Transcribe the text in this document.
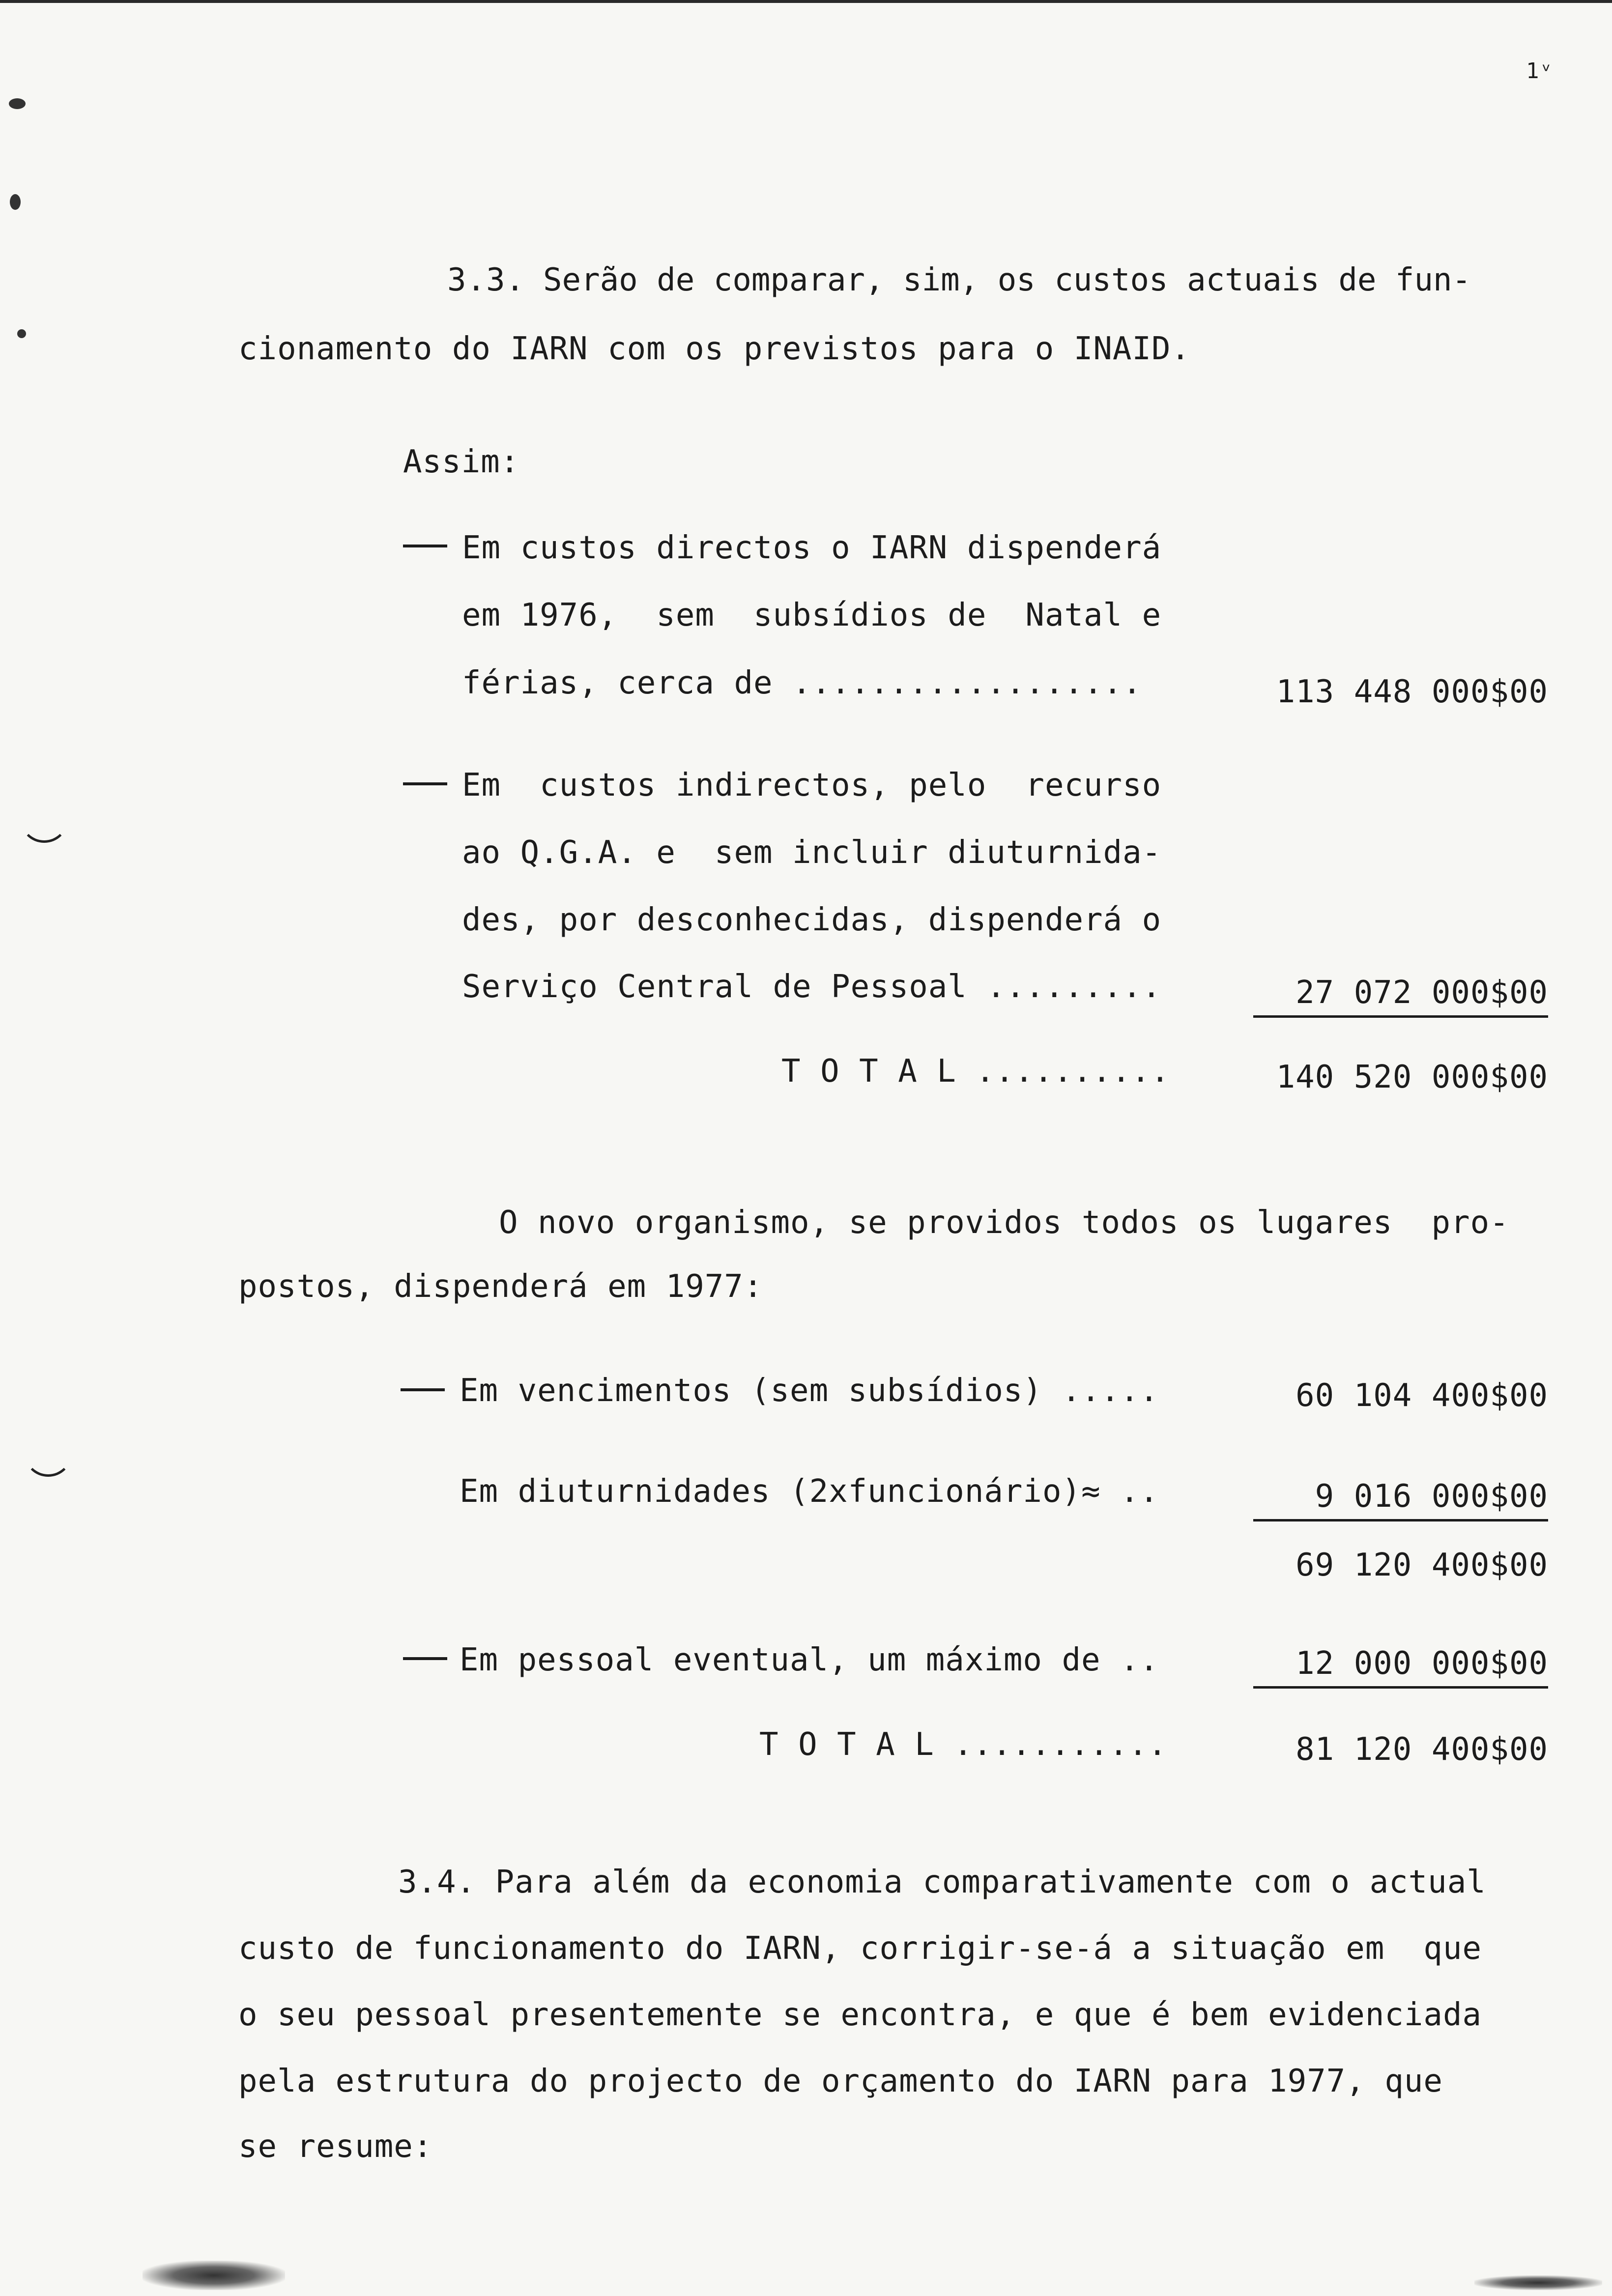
1ᵛ
3.3. Serão de comparar, sim, os custos actuais de fun-
cionamento do IARN com os previstos para o INAID.
Assim:
Em custos directos o IARN dispenderá
em 1976,  sem  subsídios de  Natal e
férias, cerca de ..................	113 448 000$00
Em  custos indirectos, pelo  recurso
ao Q.G.A. e  sem incluir diuturnida-
des, por desconhecidas, dispenderá o
Serviço Central de Pessoal .........	27 072 000$00
T O T A L ..........	140 520 000$00
O novo organismo, se providos todos os lugares  pro-
postos, dispenderá em 1977:
Em vencimentos (sem subsídios) .....	60 104 400$00
Em diuturnidades (2xfuncionário)≈ ..	9 016 000$00
69 120 400$00
Em pessoal eventual, um máximo de ..	12 000 000$00
T O T A L ...........	81 120 400$00
3.4. Para além da economia comparativamente com o actual
custo de funcionamento do IARN, corrigir-se-á a situação em  que
o seu pessoal presentemente se encontra, e que é bem evidenciada
pela estrutura do projecto de orçamento do IARN para 1977, que
se resume:
